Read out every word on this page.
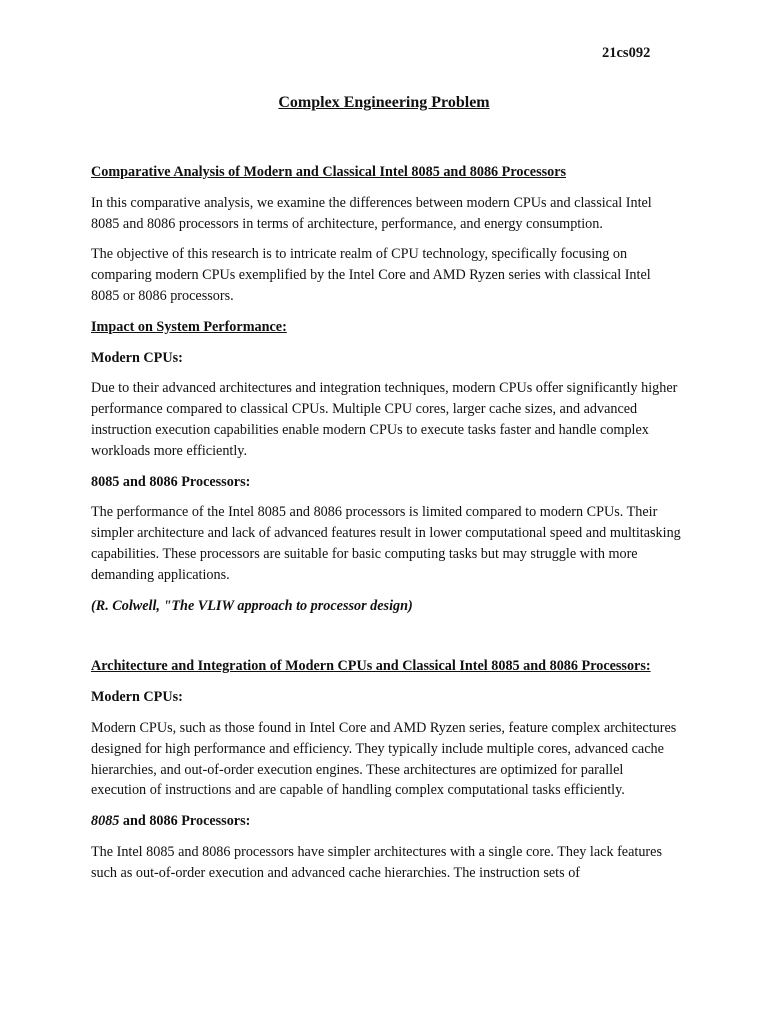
21cs092
Complex Engineering Problem

Comparative Analysis of Modern and Classical Intel 8085 and 8086 Processors

In this comparative analysis, we examine the differences between modern CPUs and classical Intel 8085 and 8086 processors in terms of architecture, performance, and energy consumption.

The objective of this research is to intricate realm of CPU technology, specifically focusing on comparing modern CPUs exemplified by the Intel Core and AMD Ryzen series with classical Intel 8085 or 8086 processors.

Impact on System Performance:

Modern CPUs:

Due to their advanced architectures and integration techniques, modern CPUs offer significantly higher performance compared to classical CPUs. Multiple CPU cores, larger cache sizes, and advanced instruction execution capabilities enable modern CPUs to execute tasks faster and handle complex workloads more efficiently.

8085 and 8086 Processors:

The performance of the Intel 8085 and 8086 processors is limited compared to modern CPUs. Their simpler architecture and lack of advanced features result in lower computational speed and multitasking capabilities. These processors are suitable for basic computing tasks but may struggle with more demanding applications.

(R. Colwell, "The VLIW approach to processor design)

Architecture and Integration of Modern CPUs and Classical Intel 8085 and 8086 Processors:

Modern CPUs:

Modern CPUs, such as those found in Intel Core and AMD Ryzen series, feature complex architectures designed for high performance and efficiency. They typically include multiple cores, advanced cache hierarchies, and out-of-order execution engines. These architectures are optimized for parallel execution of instructions and are capable of handling complex computational tasks efficiently.

8085 and 8086 Processors:

The Intel 8085 and 8086 processors have simpler architectures with a single core. They lack features such as out-of-order execution and advanced cache hierarchies. The instruction sets of
